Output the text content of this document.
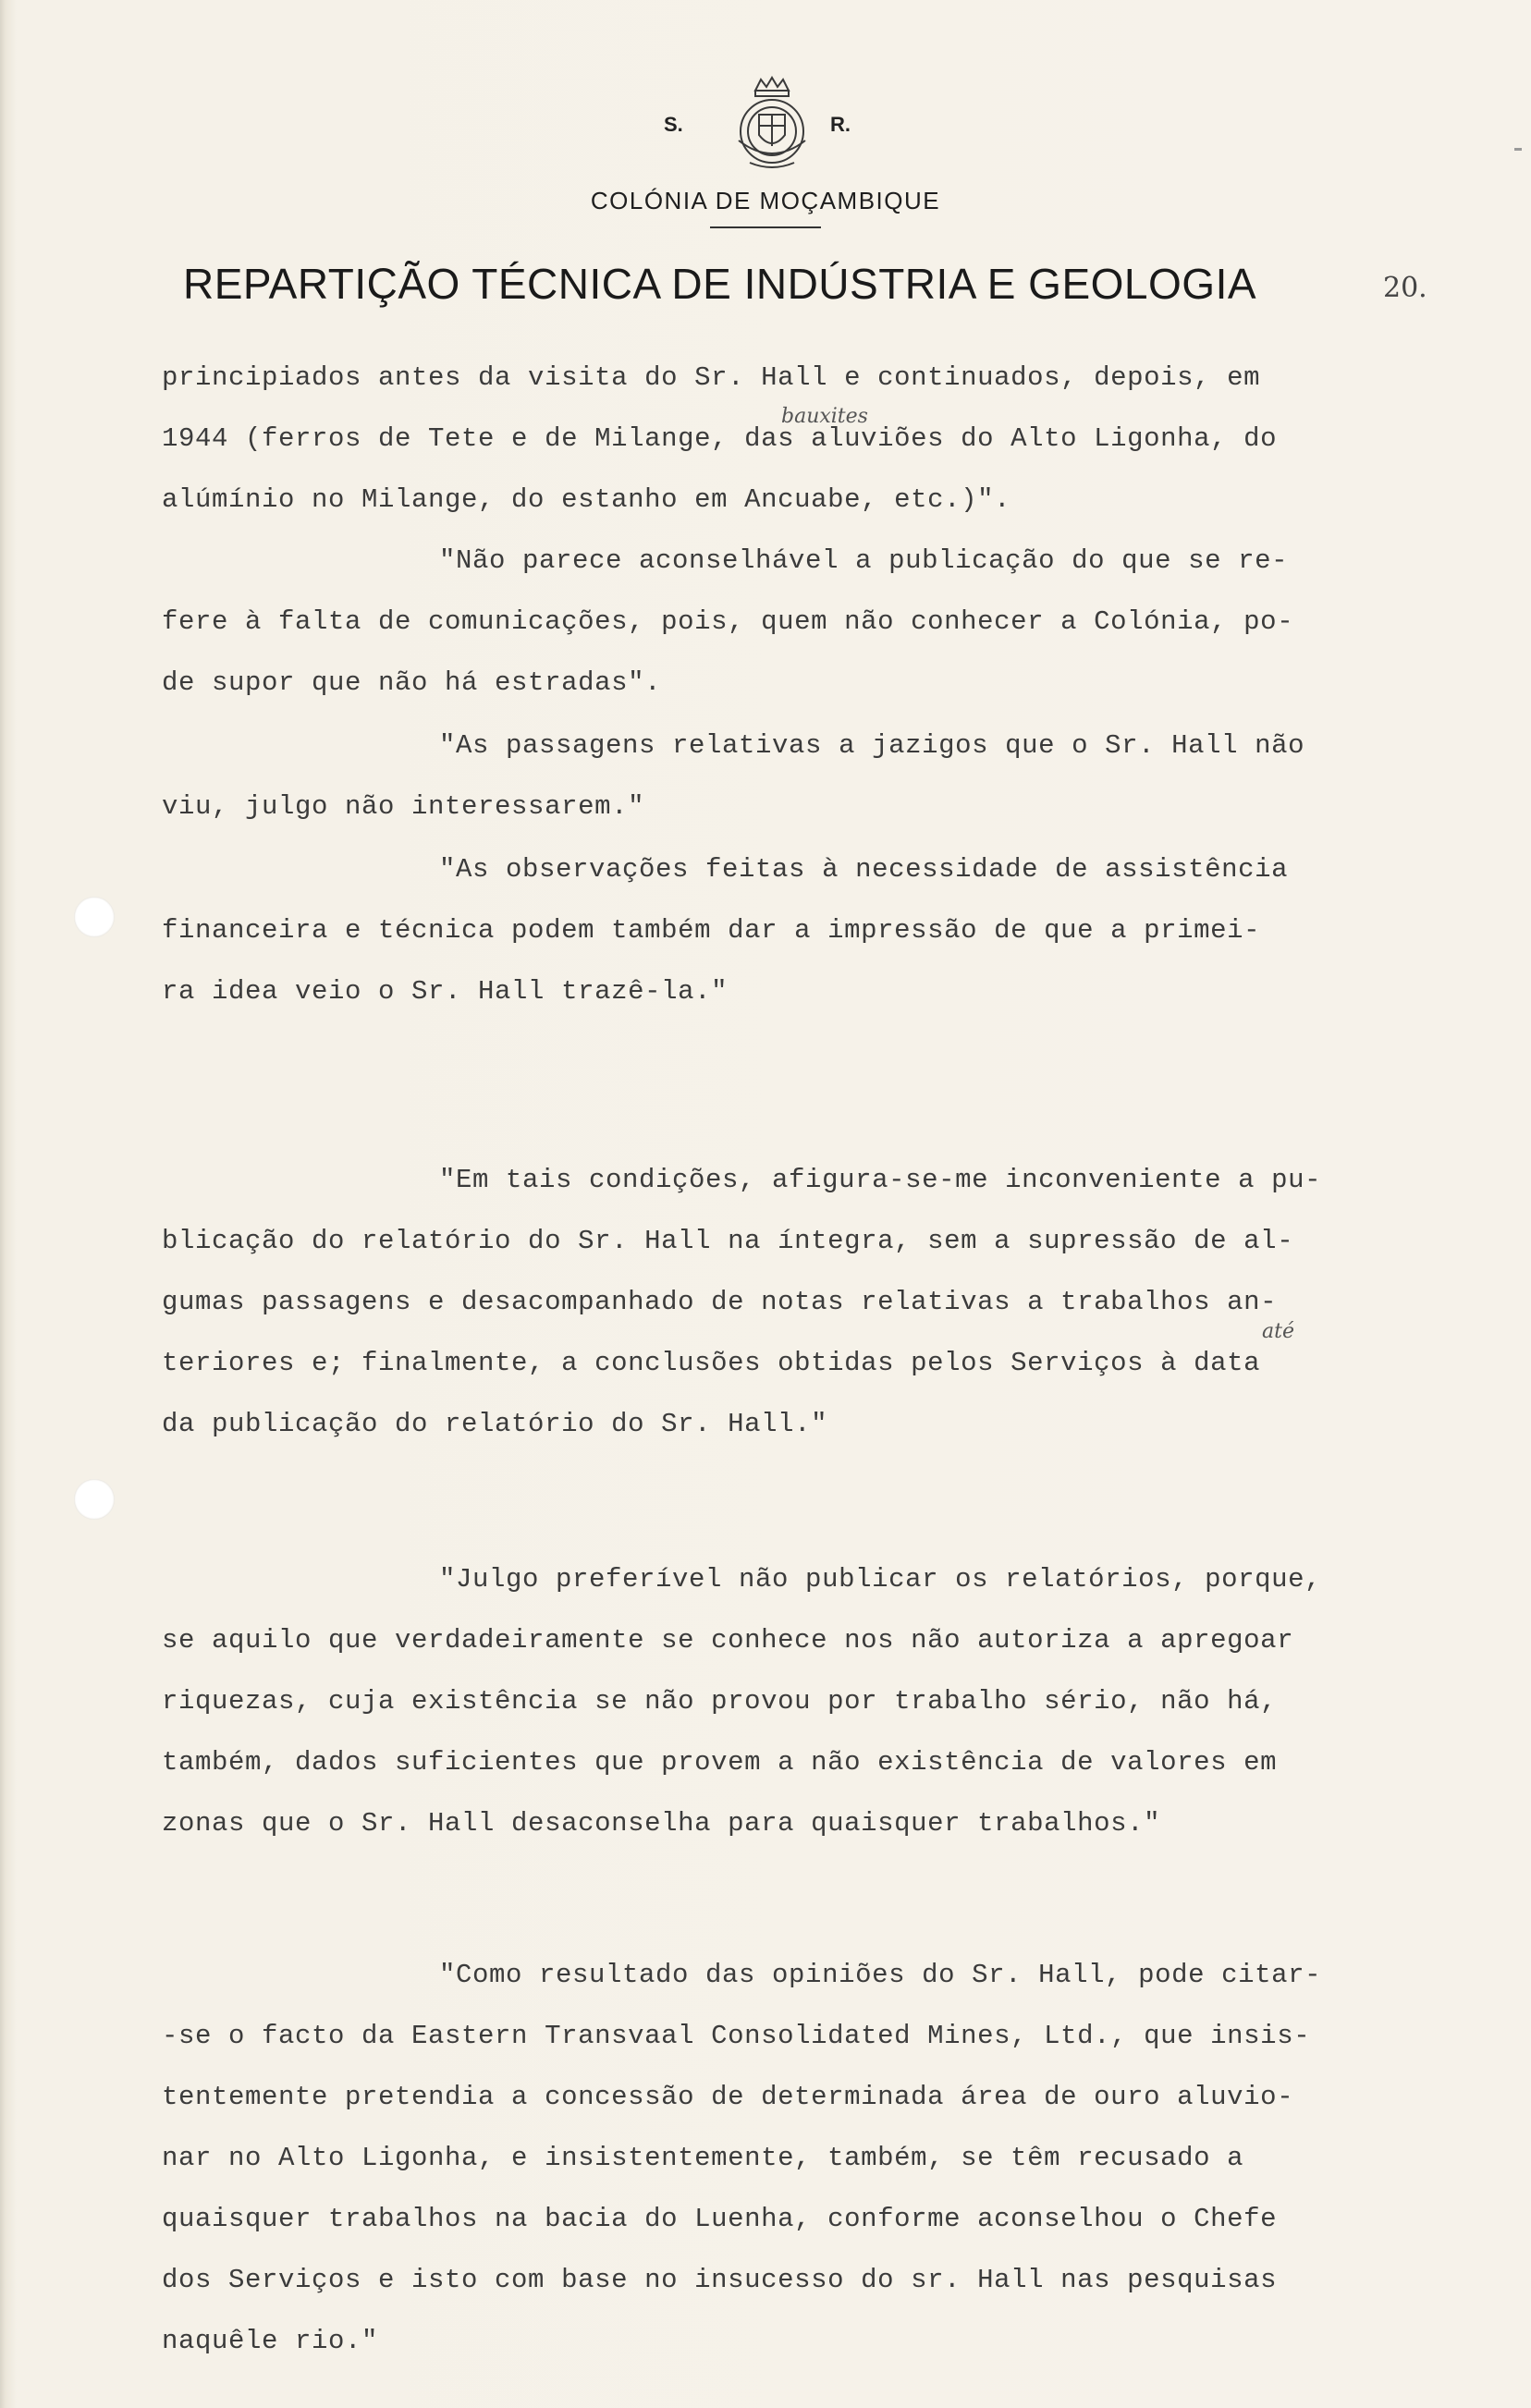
S.	R.
COLÓNIA DE MOÇAMBIQUE
REPARTIÇÃO TÉCNICA DE INDÚSTRIA E GEOLOGIA	20.
principiados antes da visita do Sr. Hall e continuados, depois, em
1944 (ferros de Tete e de Milange, das aluviões do Alto Ligonha, do
alúmínio no Milange, do estanho em Ancuabe, etc.)".
"Não parece aconselhável a publicação do que se re-
fere à falta de comunicações, pois, quem não conhecer a Colónia, po-
de supor que não há estradas".
"As passagens relativas a jazigos que o Sr. Hall não
viu, julgo não interessarem."
"As observações feitas à necessidade de assistência
financeira e técnica podem também dar a impressão de que a primei-
ra idea veio o Sr. Hall trazê-la."
"Em tais condições, afigura-se-me inconveniente a pu-
blicação do relatório do Sr. Hall na íntegra, sem a supressão de al-
gumas passagens e desacompanhado de notas relativas a trabalhos an-
teriores e; finalmente, a conclusões obtidas pelos Serviços à data
da publicação do relatório do Sr. Hall."
"Julgo preferível não publicar os relatórios, porque,
se aquilo que verdadeiramente se conhece nos não autoriza a apregoar
riquezas, cuja existência se não provou por trabalho sério, não há,
também, dados suficientes que provem a não existência de valores em
zonas que o Sr. Hall desaconselha para quaisquer trabalhos."
"Como resultado das opiniões do Sr. Hall, pode citar-
-se o facto da Eastern Transvaal Consolidated Mines, Ltd., que insis-
tentemente pretendia a concessão de determinada área de ouro aluvio-
nar no Alto Ligonha, e insistentemente, também, se têm recusado a
quaisquer trabalhos na bacia do Luenha, conforme aconselhou o Chefe
dos Serviços e isto com base no insucesso do sr. Hall nas pesquisas
naquêle rio."
bauxites
até
